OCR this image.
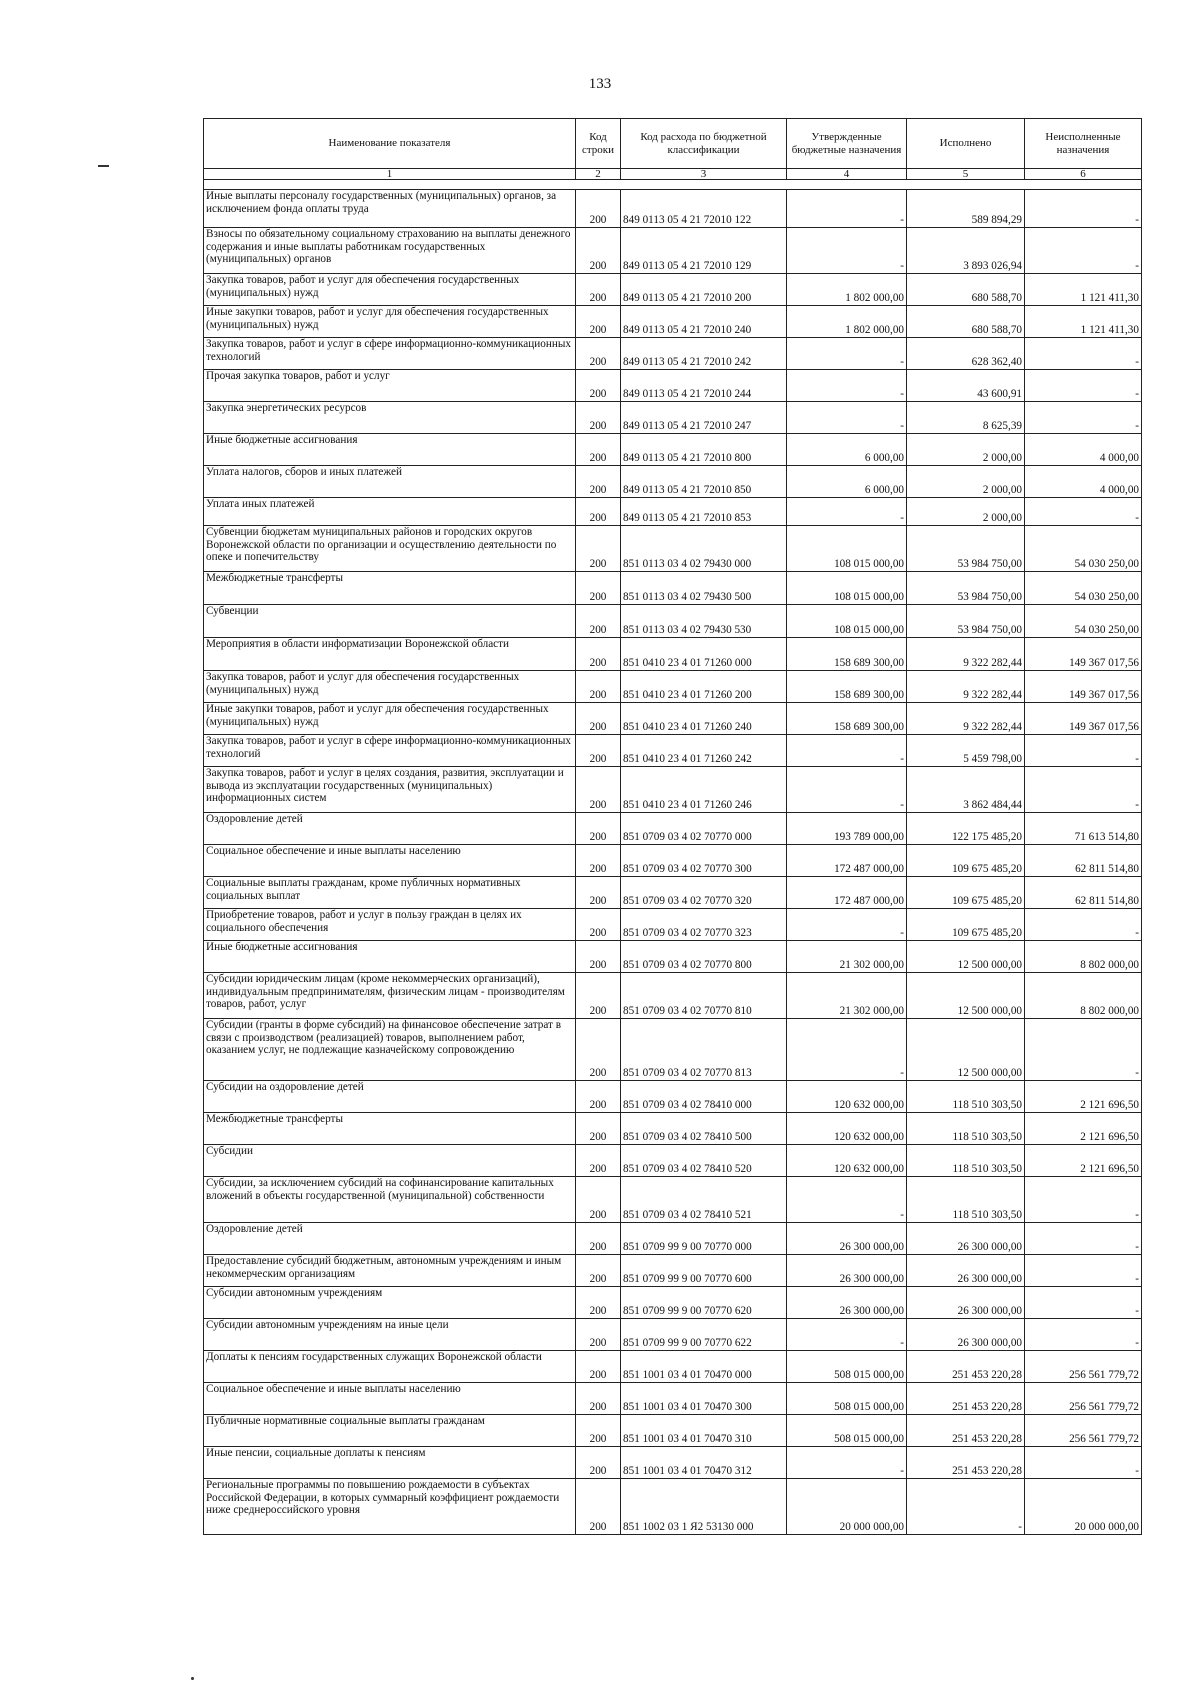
133
Наименование показателя	Код строки	Код расхода по бюджетной классификации	Утвержденные бюджетные назначения	Исполнено	Неисполненные назначения
1	2	3	4	5	6

Иные выплаты персоналу государственных (муниципальных) органов, за исключением фонда оплаты труда	200	849 0113 05 4 21 72010 122	-	589 894,29	-
Взносы по обязательному социальному страхованию на выплаты денежного содержания и иные выплаты работникам государственных (муниципальных) органов	200	849 0113 05 4 21 72010 129	-	3 893 026,94	-
Закупка товаров, работ и услуг для обеспечения государственных (муниципальных) нужд	200	849 0113 05 4 21 72010 200	1 802 000,00	680 588,70	1 121 411,30
Иные закупки товаров, работ и услуг для обеспечения государственных (муниципальных) нужд	200	849 0113 05 4 21 72010 240	1 802 000,00	680 588,70	1 121 411,30
Закупка товаров, работ и услуг в сфере информационно-коммуникационных технологий	200	849 0113 05 4 21 72010 242	-	628 362,40	-
Прочая закупка товаров, работ и услуг	200	849 0113 05 4 21 72010 244	-	43 600,91	-
Закупка энергетических ресурсов	200	849 0113 05 4 21 72010 247	-	8 625,39	-
Иные бюджетные ассигнования	200	849 0113 05 4 21 72010 800	6 000,00	2 000,00	4 000,00
Уплата налогов, сборов и иных платежей	200	849 0113 05 4 21 72010 850	6 000,00	2 000,00	4 000,00
Уплата иных платежей	200	849 0113 05 4 21 72010 853	-	2 000,00	-
Субвенции бюджетам муниципальных районов и городских округов Воронежской области по организации и осуществлению деятельности по опеке и попечительству	200	851 0113 03 4 02 79430 000	108 015 000,00	53 984 750,00	54 030 250,00
Межбюджетные трансферты	200	851 0113 03 4 02 79430 500	108 015 000,00	53 984 750,00	54 030 250,00
Субвенции	200	851 0113 03 4 02 79430 530	108 015 000,00	53 984 750,00	54 030 250,00
Мероприятия в области информатизации Воронежской области	200	851 0410 23 4 01 71260 000	158 689 300,00	9 322 282,44	149 367 017,56
Закупка товаров, работ и услуг для обеспечения государственных (муниципальных) нужд	200	851 0410 23 4 01 71260 200	158 689 300,00	9 322 282,44	149 367 017,56
Иные закупки товаров, работ и услуг для обеспечения государственных (муниципальных) нужд	200	851 0410 23 4 01 71260 240	158 689 300,00	9 322 282,44	149 367 017,56
Закупка товаров, работ и услуг в сфере информационно-коммуникационных технологий	200	851 0410 23 4 01 71260 242	-	5 459 798,00	-
Закупка товаров, работ и услуг в целях создания, развития, эксплуатации и вывода из эксплуатации государственных (муниципальных) информационных систем	200	851 0410 23 4 01 71260 246	-	3 862 484,44	-
Оздоровление детей	200	851 0709 03 4 02 70770 000	193 789 000,00	122 175 485,20	71 613 514,80
Социальное обеспечение и иные выплаты населению	200	851 0709 03 4 02 70770 300	172 487 000,00	109 675 485,20	62 811 514,80
Социальные выплаты гражданам, кроме публичных нормативных социальных выплат	200	851 0709 03 4 02 70770 320	172 487 000,00	109 675 485,20	62 811 514,80
Приобретение товаров, работ и услуг в пользу граждан в целях их социального обеспечения	200	851 0709 03 4 02 70770 323	-	109 675 485,20	-
Иные бюджетные ассигнования	200	851 0709 03 4 02 70770 800	21 302 000,00	12 500 000,00	8 802 000,00
Субсидии юридическим лицам (кроме некоммерческих организаций), индивидуальным предпринимателям, физическим лицам - производителям товаров, работ, услуг	200	851 0709 03 4 02 70770 810	21 302 000,00	12 500 000,00	8 802 000,00
Субсидии (гранты в форме субсидий) на финансовое обеспечение затрат в связи с производством (реализацией) товаров, выполнением работ, оказанием услуг, не подлежащие казначейскому сопровождению	200	851 0709 03 4 02 70770 813	-	12 500 000,00	-
Субсидии на оздоровление детей	200	851 0709 03 4 02 78410 000	120 632 000,00	118 510 303,50	2 121 696,50
Межбюджетные трансферты	200	851 0709 03 4 02 78410 500	120 632 000,00	118 510 303,50	2 121 696,50
Субсидии	200	851 0709 03 4 02 78410 520	120 632 000,00	118 510 303,50	2 121 696,50
Субсидии, за исключением субсидий на софинансирование капитальных вложений в объекты государственной (муниципальной) собственности	200	851 0709 03 4 02 78410 521	-	118 510 303,50	-
Оздоровление детей	200	851 0709 99 9 00 70770 000	26 300 000,00	26 300 000,00	-
Предоставление субсидий бюджетным, автономным учреждениям и иным некоммерческим организациям	200	851 0709 99 9 00 70770 600	26 300 000,00	26 300 000,00	-
Субсидии автономным учреждениям	200	851 0709 99 9 00 70770 620	26 300 000,00	26 300 000,00	-
Субсидии автономным учреждениям на иные цели	200	851 0709 99 9 00 70770 622	-	26 300 000,00	-
Доплаты к пенсиям государственных служащих Воронежской области	200	851 1001 03 4 01 70470 000	508 015 000,00	251 453 220,28	256 561 779,72
Социальное обеспечение и иные выплаты населению	200	851 1001 03 4 01 70470 300	508 015 000,00	251 453 220,28	256 561 779,72
Публичные нормативные социальные выплаты гражданам	200	851 1001 03 4 01 70470 310	508 015 000,00	251 453 220,28	256 561 779,72
Иные пенсии, социальные доплаты к пенсиям	200	851 1001 03 4 01 70470 312	-	251 453 220,28	-
Региональные программы по повышению рождаемости в субъектах Российской Федерации, в которых суммарный коэффициент рождаемости ниже среднероссийского уровня	200	851 1002 03 1 Я2 53130 000	20 000 000,00	-	20 000 000,00
